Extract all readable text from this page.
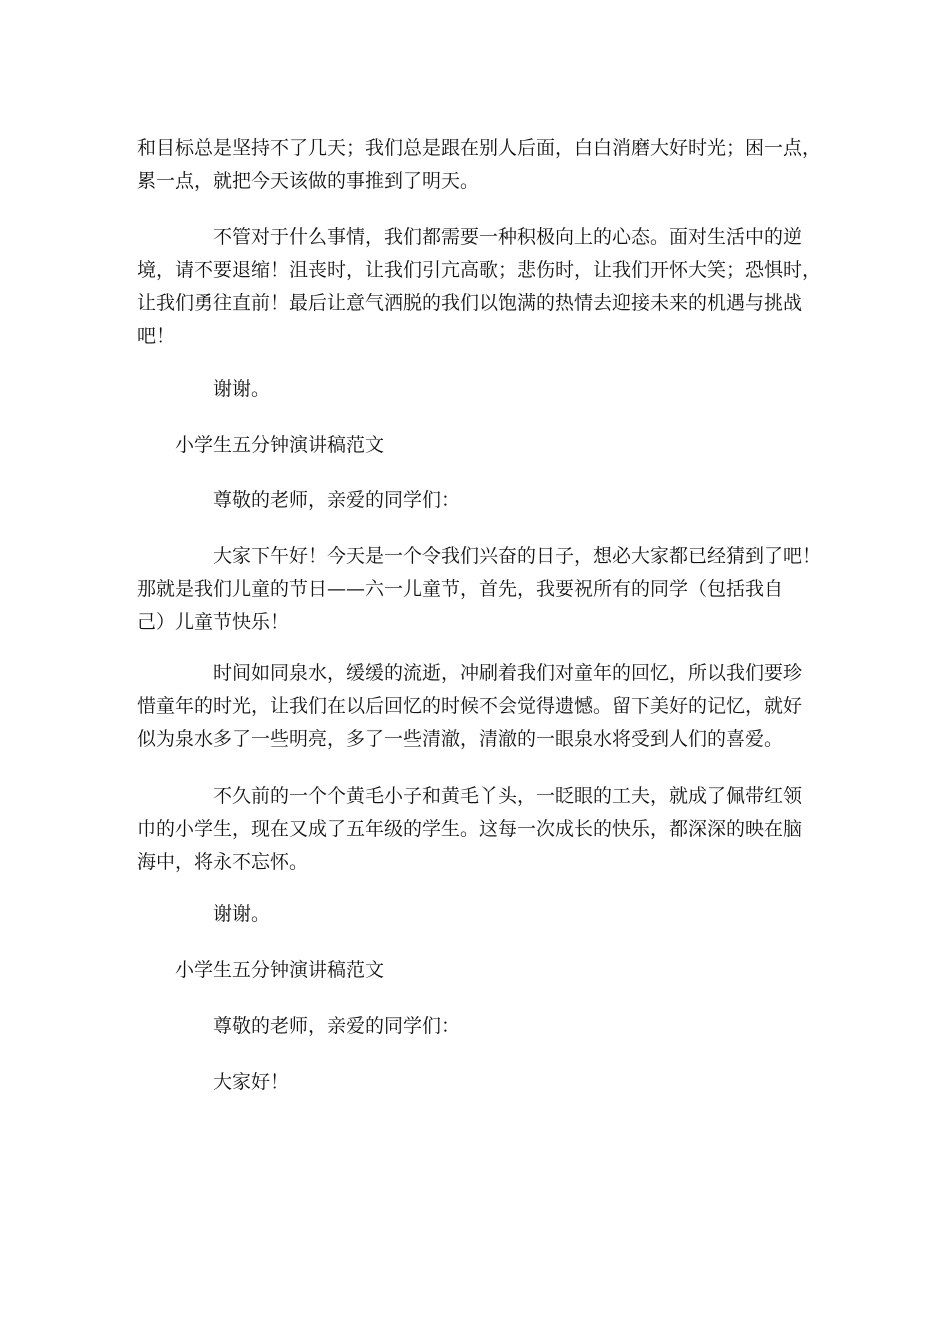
和目标总是坚持不了几天；我们总是跟在别人后面，白白消磨大好时光；困一点，
累一点，就把今天该做的事推到了明天。

不管对于什么事情，我们都需要一种积极向上的心态。面对生活中的逆
境，请不要退缩！沮丧时，让我们引亢高歌；悲伤时，让我们开怀大笑；恐惧时，
让我们勇往直前！最后让意气洒脱的我们以饱满的热情去迎接未来的机遇与挑战
吧！

谢谢。

小学生五分钟演讲稿范文

尊敬的老师，亲爱的同学们：

大家下午好！今天是一个令我们兴奋的日子，想必大家都已经猜到了吧！
那就是我们儿童的节日——六一儿童节，首先，我要祝所有的同学（包括我自
己）儿童节快乐！

时间如同泉水，缓缓的流逝，冲刷着我们对童年的回忆，所以我们要珍
惜童年的时光，让我们在以后回忆的时候不会觉得遗憾。留下美好的记忆，就好
似为泉水多了一些明亮，多了一些清澈，清澈的一眼泉水将受到人们的喜爱。

不久前的一个个黄毛小子和黄毛丫头，一眨眼的工夫，就成了佩带红领
巾的小学生，现在又成了五年级的学生。这每一次成长的快乐，都深深的映在脑
海中，将永不忘怀。

谢谢。

小学生五分钟演讲稿范文

尊敬的老师，亲爱的同学们：

大家好！
